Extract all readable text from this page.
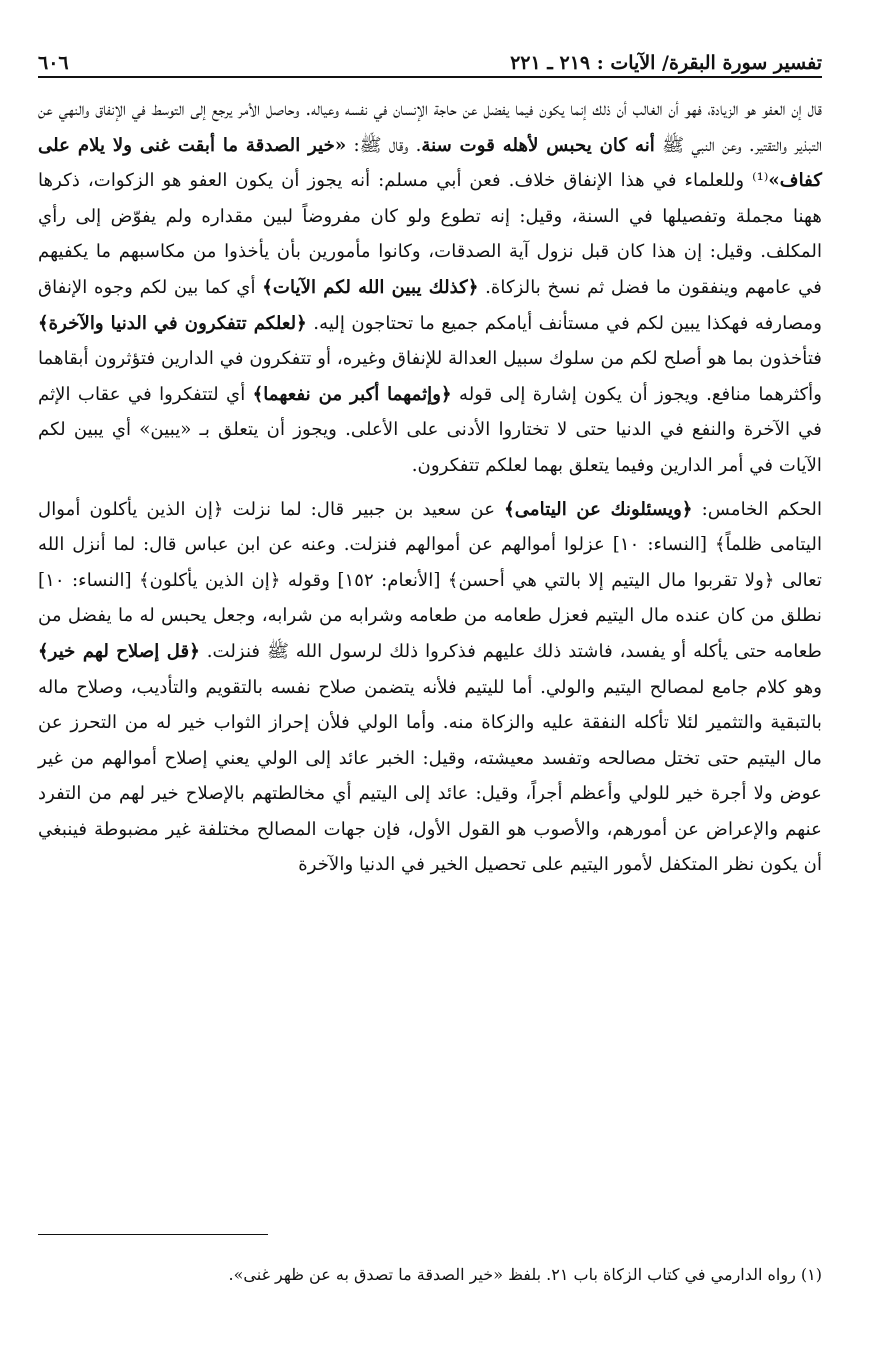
تفسير سورة البقرة/ الآيات : ٢١٩ ـ ٢٢١
٦٠٦

قال إن العفو هو الزيادة، فهو أن الغالب أن ذلك إنما يكون فيما يفضل عن حاجة الإنسان في نفسه وعياله. وحاصل الأمر يرجع إلى التوسط في الإنفاق والنهي عن التبذير والتقتير. وعن النبي ﷺ أنه كان يحبس لأهله قوت سنة. وقال ﷺ: «خير الصدقة ما أبقت غنى ولا يلام على كفاف»⁽¹⁾ وللعلماء في هذا الإنفاق خلاف. فعن أبي مسلم: أنه يجوز أن يكون العفو هو الزكوات، ذكرها ههنا مجملة وتفصيلها في السنة، وقيل: إنه تطوع ولو كان مفروضاً لبين مقداره ولم يفوّض إلى رأي المكلف. وقيل: إن هذا كان قبل نزول آية الصدقات، وكانوا مأمورين بأن يأخذوا من مكاسبهم ما يكفيهم في عامهم وينفقون ما فضل ثم نسخ بالزكاة. ﴿كذلك يبين الله لكم الآيات﴾ أي كما بين لكم وجوه الإنفاق ومصارفه فهكذا يبين لكم في مستأنف أيامكم جميع ما تحتاجون إليه. ﴿لعلكم تتفكرون في الدنيا والآخرة﴾ فتأخذون بما هو أصلح لكم من سلوك سبيل العدالة للإنفاق وغيره، أو تتفكرون في الدارين فتؤثرون أبقاهما وأكثرهما منافع. ويجوز أن يكون إشارة إلى قوله ﴿وإثمهما أكبر من نفعهما﴾ أي لتتفكروا في عقاب الإثم في الآخرة والنفع في الدنيا حتى لا تختاروا الأدنى على الأعلى. ويجوز أن يتعلق بـ «يبين» أي يبين لكم الآيات في أمر الدارين وفيما يتعلق بهما لعلكم تتفكرون.

الحكم الخامس: ﴿ويسئلونك عن اليتامى﴾ عن سعيد بن جبير قال: لما نزلت ﴿إن الذين يأكلون أموال اليتامى ظلماً﴾ [النساء: ١٠] عزلوا أموالهم عن أموالهم فنزلت. وعنه عن ابن عباس قال: لما أنزل الله تعالى ﴿ولا تقربوا مال اليتيم إلا بالتي هي أحسن﴾ [الأنعام: ١٥٢] وقوله ﴿إن الذين يأكلون﴾ [النساء: ١٠] نطلق من كان عنده مال اليتيم فعزل طعامه من طعامه وشرابه من شرابه، وجعل يحبس له ما يفضل من طعامه حتى يأكله أو يفسد، فاشتد ذلك عليهم فذكروا ذلك لرسول الله ﷺ فنزلت. ﴿قل إصلاح لهم خير﴾ وهو كلام جامع لمصالح اليتيم والولي. أما لليتيم فلأنه يتضمن صلاح نفسه بالتقويم والتأديب، وصلاح ماله بالتبقية والتثمير لئلا تأكله النفقة عليه والزكاة منه. وأما الولي فلأن إحراز الثواب خير له من التحرز عن مال اليتيم حتى تختل مصالحه وتفسد معيشته، وقيل: الخبر عائد إلى الولي يعني إصلاح أموالهم من غير عوض ولا أجرة خير للولي وأعظم أجراً، وقيل: عائد إلى اليتيم أي مخالطتهم بالإصلاح خير لهم من التفرد عنهم والإعراض عن أمورهم، والأصوب هو القول الأول، فإن جهات المصالح مختلفة غير مضبوطة فينبغي أن يكون نظر المتكفل لأمور اليتيم على تحصيل الخير في الدنيا والآخرة

(١) رواه الدارمي في كتاب الزكاة باب ٢١. بلفظ «خير الصدقة ما تصدق به عن ظهر غنى».
